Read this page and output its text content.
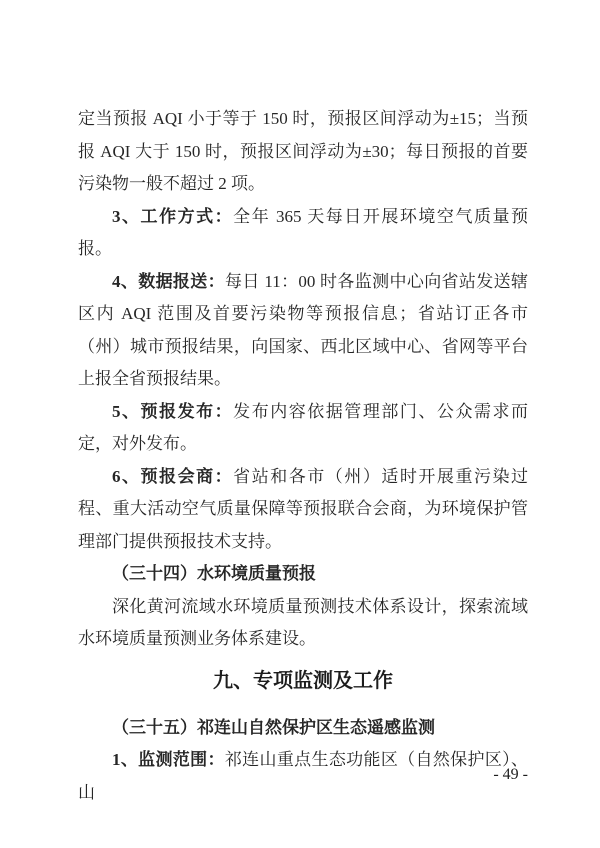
定当预报 AQI 小于等于 150 时，预报区间浮动为±15；当预报 AQI 大于 150 时，预报区间浮动为±30；每日预报的首要污染物一般不超过 2 项。

3、工作方式：全年 365 天每日开展环境空气质量预报。

4、数据报送：每日 11：00 时各监测中心向省站发送辖区内 AQI 范围及首要污染物等预报信息；省站订正各市（州）城市预报结果，向国家、西北区域中心、省网等平台上报全省预报结果。

5、预报发布：发布内容依据管理部门、公众需求而定，对外发布。

6、预报会商：省站和各市（州）适时开展重污染过程、重大活动空气质量保障等预报联合会商，为环境保护管理部门提供预报技术支持。

（三十四）水环境质量预报

深化黄河流域水环境质量预测技术体系设计，探索流域水环境质量预测业务体系建设。

九、专项监测及工作

（三十五）祁连山自然保护区生态遥感监测

1、监测范围：祁连山重点生态功能区（自然保护区）、山

- 49 -
